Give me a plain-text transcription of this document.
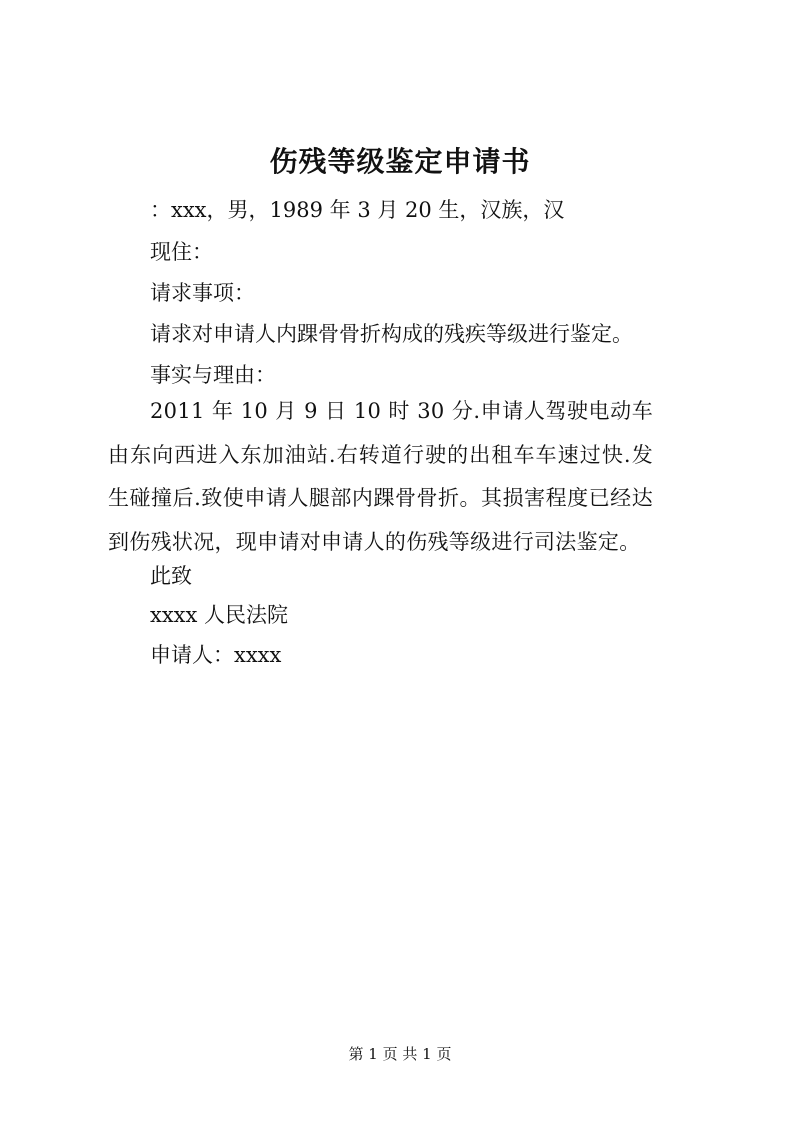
伤残等级鉴定申请书

：xxx，男，1989 年 3 月 20 生，汉族，汉

现住：

请求事项：

请求对申请人内踝骨骨折构成的残疾等级进行鉴定。

事实与理由：

2011 年 10 月 9 日 10 时 30 分.申请人驾驶电动车由东向西进入东加油站.右转道行驶的出租车车速过快.发生碰撞后.致使申请人腿部内踝骨骨折。其损害程度已经达到伤残状况，现申请对申请人的伤残等级进行司法鉴定。

此致

xxxx 人民法院

申请人：xxxx

第 1 页 共 1 页
